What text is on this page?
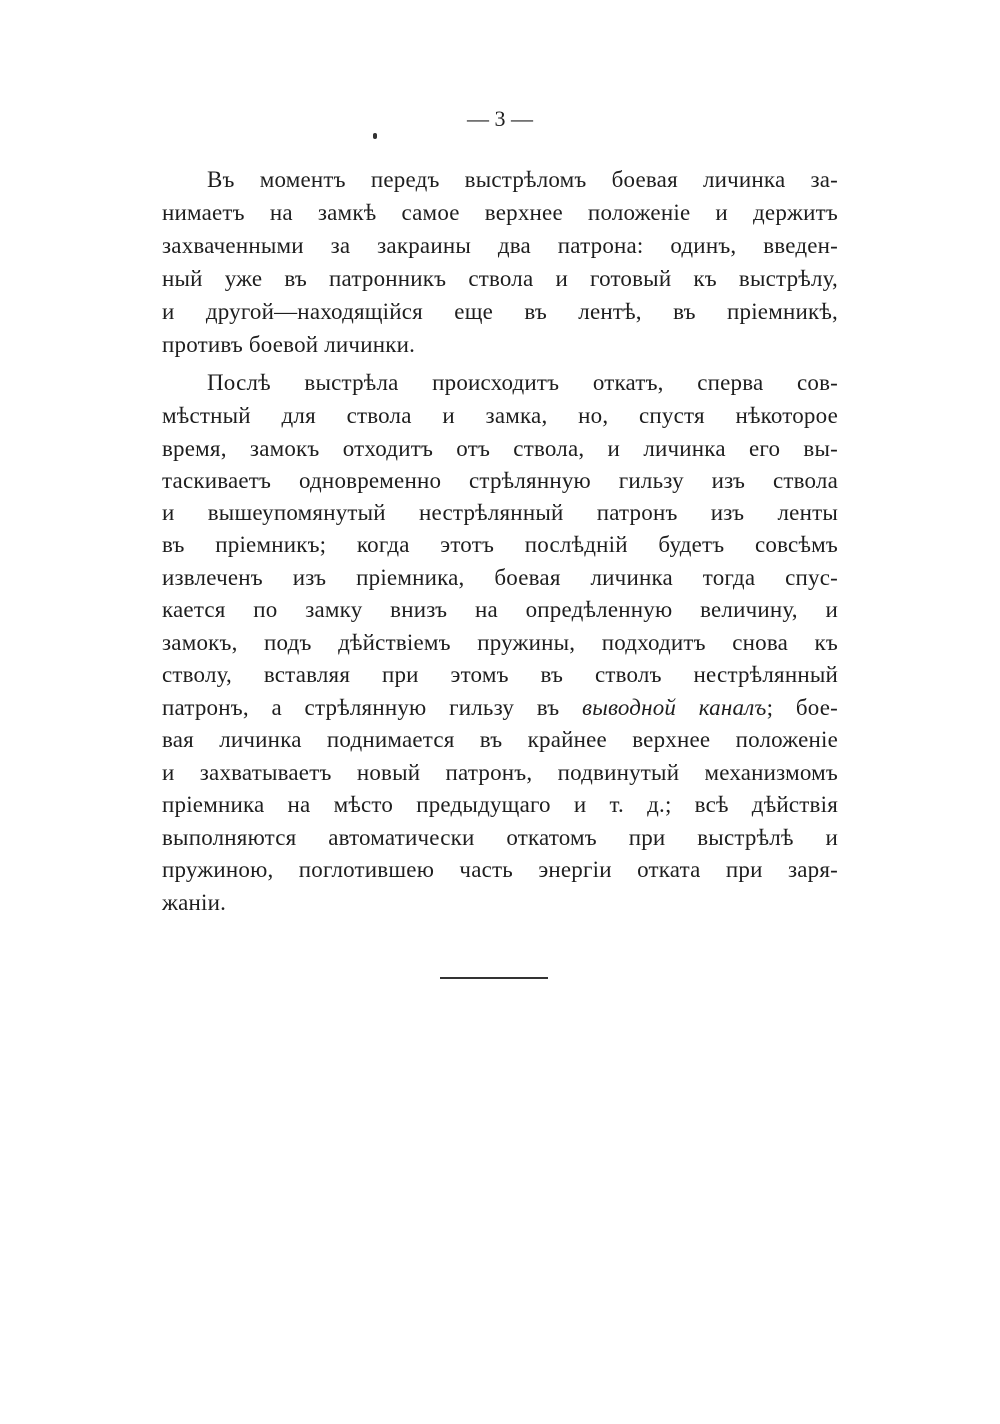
— 3 —
Въ моментъ передъ выстрѣломъ боевая личинка за-
нимаетъ на замкѣ самое верхнее положеніе и держитъ
захваченными за закраины два патрона: одинъ, введен-
ный уже въ патронникъ ствола и готовый къ выстрѣлу,
и другой—находящійся еще въ лентѣ, въ пріемникѣ,
противъ боевой личинки.
Послѣ выстрѣла происходитъ откатъ, сперва сов-
мѣстный для ствола и замка, но, спустя нѣкоторое
время, замокъ отходитъ отъ ствола, и личинка его вы-
таскиваетъ одновременно стрѣлянную гильзу изъ ствола
и вышеупомянутый нестрѣлянный патронъ изъ ленты
въ пріемникъ; когда этотъ послѣдній будетъ совсѣмъ
извлеченъ изъ пріемника, боевая личинка тогда спус-
кается по замку внизъ на опредѣленную величину, и
замокъ, подъ дѣйствіемъ пружины, подходитъ снова къ
стволу, вставляя при этомъ въ стволъ нестрѣлянный
патронъ, а стрѣлянную гильзу въ выводной каналъ; бое-
вая личинка поднимается въ крайнее верхнее положеніе
и захватываетъ новый патронъ, подвинутый механизмомъ
пріемника на мѣсто предыдущаго и т. д.; всѣ дѣйствія
выполняются автоматически откатомъ при выстрѣлѣ и
пружиною, поглотившею часть энергіи отката при заря-
жаніи.
